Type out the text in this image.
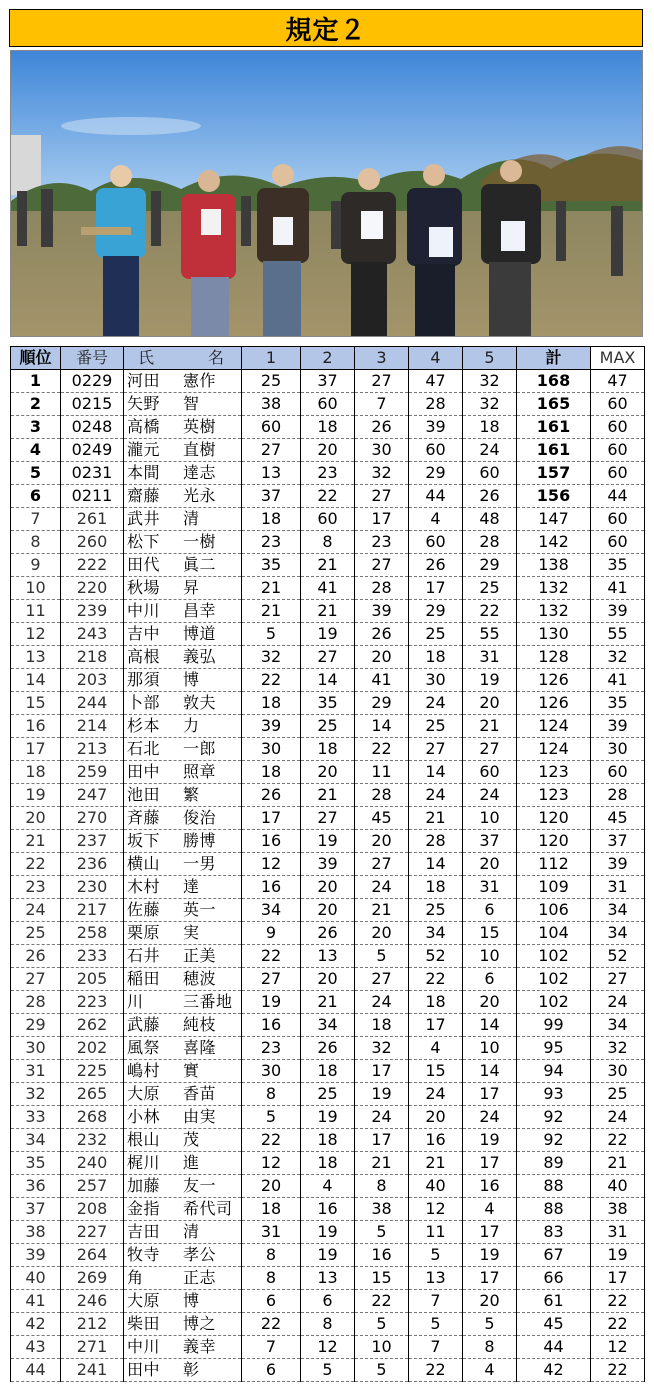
規定２
順位	番号	氏 名	1	2	3	4	5	計	MAX
1	0229	河田 憲作	25	37	27	47	32	168	47
2	0215	矢野 智	38	60	7	28	32	165	60
3	0248	高橋 英樹	60	18	26	39	18	161	60
4	0249	瀧元 直樹	27	20	30	60	24	161	60
5	0231	本間 達志	13	23	32	29	60	157	60
6	0211	齋藤 光永	37	22	27	44	26	156	44
7	261	武井 清	18	60	17	4	48	147	60
8	260	松下 一樹	23	8	23	60	28	142	60
9	222	田代 眞二	35	21	27	26	29	138	35
10	220	秋場 昇	21	41	28	17	25	132	41
11	239	中川 昌幸	21	21	39	29	22	132	39
12	243	吉中 博道	5	19	26	25	55	130	55
13	218	高根 義弘	32	27	20	18	31	128	32
14	203	那須 博	22	14	41	30	19	126	41
15	244	卜部 敦夫	18	35	29	24	20	126	35
16	214	杉本 力	39	25	14	25	21	124	39
17	213	石北 一郎	30	18	22	27	27	124	30
18	259	田中 照章	18	20	11	14	60	123	60
19	247	池田 繁	26	21	28	24	24	123	28
20	270	斉藤 俊治	17	27	45	21	10	120	45
21	237	坂下 勝博	16	19	20	28	37	120	37
22	236	横山 一男	12	39	27	14	20	112	39
23	230	木村 達	16	20	24	18	31	109	31
24	217	佐藤 英一	34	20	21	25	6	106	34
25	258	栗原 実	9	26	20	34	15	104	34
26	233	石井 正美	22	13	5	52	10	102	52
27	205	稲田 穂波	27	20	27	22	6	102	27
28	223	川 三番地	19	21	24	18	20	102	24
29	262	武藤 純枝	16	34	18	17	14	99	34
30	202	風祭 喜隆	23	26	32	4	10	95	32
31	225	嶋村 實	30	18	17	15	14	94	30
32	265	大原 香苗	8	25	19	24	17	93	25
33	268	小林 由実	5	19	24	20	24	92	24
34	232	根山 茂	22	18	17	16	19	92	22
35	240	梶川 進	12	18	21	21	17	89	21
36	257	加藤 友一	20	4	8	40	16	88	40
37	208	金指 希代司	18	16	38	12	4	88	38
38	227	吉田 清	31	19	5	11	17	83	31
39	264	牧寺 孝公	8	19	16	5	19	67	19
40	269	角 正志	8	13	15	13	17	66	17
41	246	大原 博	6	6	22	7	20	61	22
42	212	柴田 博之	22	8	5	5	5	45	22
43	271	中川 義幸	7	12	10	7	8	44	12
44	241	田中 彰	6	5	5	22	4	42	22
